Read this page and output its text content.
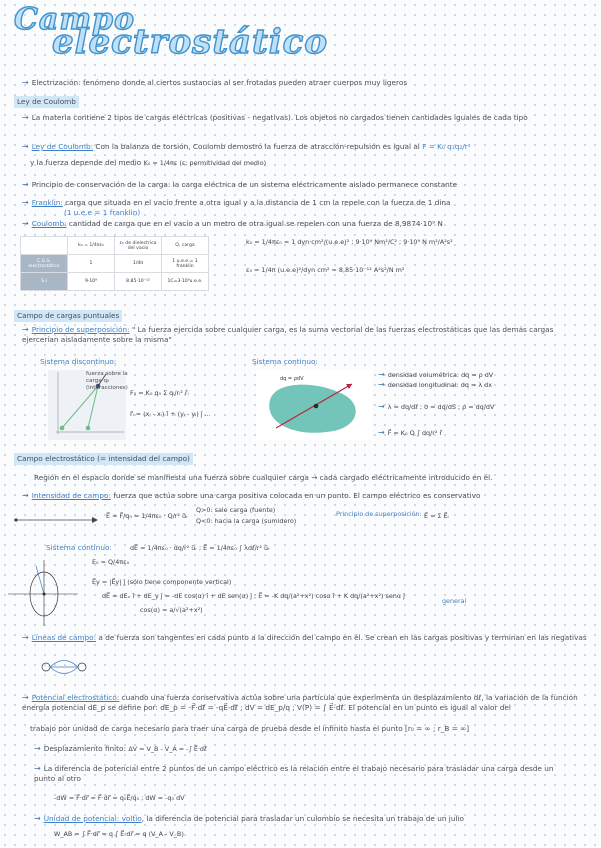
Campo
electrostático
→ Electrización: fenómeno donde al ciertos sustancias al ser frotadas pueden atraer cuerpos muy ligeros
Ley de Coulomb
→ La materia contiene 2 tipos de cargas eléctricas (positivas - negativas). Los objetos no cargados tienen cantidades iguales de cada tipo
→ Ley de Coulomb: Con la balanza de torsión, Coulomb demostró la fuerza de atracción-repulsión es igual al F = K₀ q₁q₂/r²
y la fuerza depende del medio K₀ = 1/4πε (ε: permitividad del medio)
→ Principio de conservación de la carga: la carga eléctrica de un sistema eléctricamente aislado permanece constante
→ Franklin: carga que situada en el vacío frente a otra igual y a la distancia de 1 cm la repele con la fuerza de 1 dina
(1 u.e.e = 1 franklin)
→ Coulomb: cantidad de carga que en el vacío a un metro de otra igual se repelen con una fuerza de 8,9874·10⁹ N
	k₀ = 1/4πε₀	ε₀ de dielectrica del vacío	Q, carga
C.G.S. electrostático	1	1/4π	1 u.e.e.= 1 franklin
S.I	9·10⁹	8.85·10⁻¹²	1C=3·10⁹u.e.e.
k₀ = 1/4πε₀ = 1 dyn·cm²/(u.e.e)² ; 9·10⁹ Nm²/C² ; 9·10⁹ N m²/A²s²
ε₀ = 1/4π (u.e.e)²/dyn cm² = 8,85·10⁻¹² A²s²/N m²
Campo de cargas puntuales
→ Principio de superposición: " La fuerza ejercida sobre cualquier carga, es la suma vectorial de las fuerzas electrostáticas que las demás cargas ejercerían aisladamente sobre la misma"
Sistema discontinuo:	Sistema continuo:
fuerza sobre la carga q₀ (interacciones)
F₀ = K₀ q₀ Σ qᵢ/rᵢ² r̂ᵢ
r⃗ᵢ = (xⱼ - xᵢ) î + (yⱼ - yᵢ) ĵ ...
dq = ρdV	→ densidad volumétrica: dq = ρ dV
→ densidad longitudinal: dq = λ dx
→ λ = dq/dℓ ; σ = dq/dS ; ρ = dq/dV
→ F⃗ = K₀ Q ∫ dq/r² r̂
Campo electrostático (= intensidad del campo)
Región en el espacio donde se manifiesta una fuerza sobre cualquier carga → cada cargado eléctricamente introducido en él.
→ Intensidad de campo: fuerza que actúa sobre una carga positiva colocada en un punto. El campo eléctrico es conservativo
E⃗ = F⃗/q₀ = 1/4πε₀ · Q/r² ûᵣ
Q>0: sale carga (fuente)
Q<0: hacia la carga (sumidero)
Principio de superposición: E⃗ = Σ E⃗ᵢ
Sistema continuo:	dE⃗ = 1/4πε₀ · dq/r² ûᵣ ; E⃗ = 1/4πε₀ ∫ λdℓ/r² ûᵣ
E₀ = Q/4πε₀
E⃗y = |E⃗y| ĵ (sólo tiene componente vertical)
dE⃗ = dEₓ î + dE_y ĵ = -dE cos(α) î + dE sen(α) ĵ ; E⃗ = -K dq/(a²+x²) cosα î + K dq/(a²+x²) senα ĵ
cos(α) = a/√(a²+x²)
general
→ Líneas de campo: a de fuerza son tangentes en cada punto a la dirección del campo en él. Se crean en las cargas positivas y terminan en las negativas
→ Potencial electrostático: cuando una fuerza conservativa actúa sobre una partícula que experimenta un desplazamiento dℓ, la variación de la función energía potencial dE_p se define por: dE_p = -F⃗·dℓ⃗ = -qE⃗·dℓ⃗ ; dV = dE_p/q ; V(P) = ∫ E⃗·dℓ⃗. El potencial en un punto es igual al valor del
trabajo por unidad de carga necesario para traer una carga de prueba desde el infinito hasta el punto [r₀ = ∞ ; r_B = ∞]
→ Desplazamiento finito: ΔV = V_B - V_A = -∫ E⃗·dℓ⃗
→ La diferencia de potencial entre 2 puntos de un campo eléctrico es la relación entre el trabajo necesario para trasladar una carga desde un punto al otro
-dW = F⃗·dr⃗ = F⃗·dr⃗ = q₀E⃗/q₀ ; dW = -q₀ dV
→ Unidad de potencial: voltio, la diferencia de potencial para trasladar un culombio se necesita un trabajo de un julio
W_AB = ∫ F⃗·dr⃗ = q ∫ E⃗·dr⃗ = q (V_A - V_B)
